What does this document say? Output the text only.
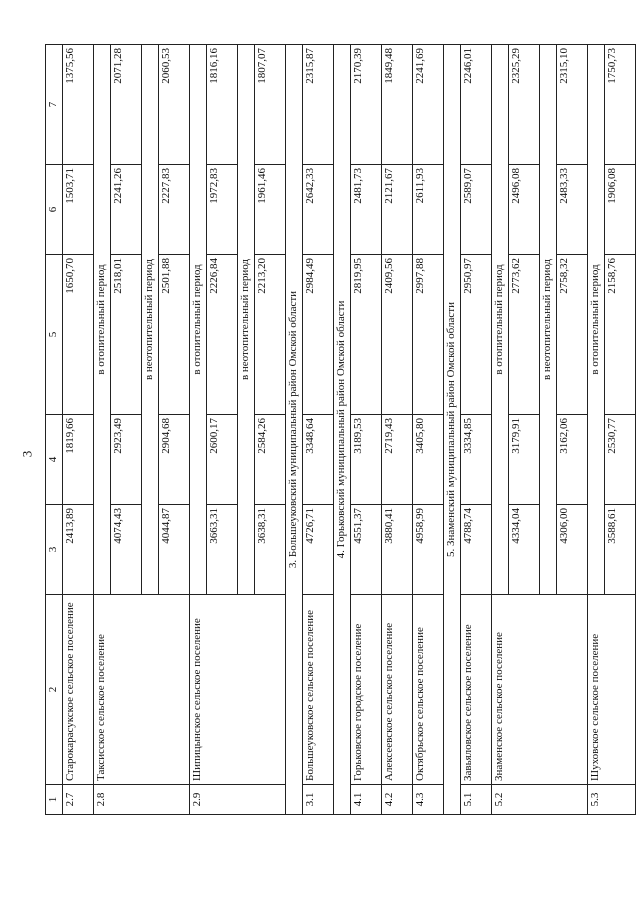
3
1	2	3	4	5	6	7
2.7	Старокарасукское сельское поселение	2413,89	1819,66	1650,70	1503,71	1375,56
2.8	Таксисское сельское поселение	в отопительный период				
		4074,43	2923,49	2518,01	2241,26	2071,28
		в неотопительный период				
		4044,87	2904,68	2501,88	2227,83	2060,53
2.9	Шипицынское сельское поселение	в отопительный период				
		3663,31	2600,17	2226,84	1972,83	1816,16
		в неотопительный период				
		3638,31	2584,26	2213,20	1961,46	1807,07
3. Большеуковский муниципальный район Омской области						
3.1	Большеуковское сельское поселение	4726,71	3348,64	2984,49	2642,33	2315,87
4. Горьковский муниципальный район Омской области						
4.1	Горьковское городское поселение	4551,37	3189,53	2819,95	2481,73	2170,39
4.2	Алексеевское сельское поселение	3880,41	2719,43	2409,56	2121,67	1849,48
4.3	Октябрьское сельское поселение	4958,99	3405,80	2997,88	2611,93	2241,69
5. Знаменский муниципальный район Омской области						
5.1	Завьяловское сельское поселение	4788,74	3334,85	2950,97	2589,07	2246,01
5.2	Знаменское сельское поселение	в отопительный период				
		4334,04	3179,91	2773,62	2496,08	2325,29
		в неотопительный период				
		4306,00	3162,06	2758,32	2483,33	2315,10
5.3	Шуховское сельское поселение	в отопительный период				
		3588,61	2530,77	2158,76	1906,08	1750,73
